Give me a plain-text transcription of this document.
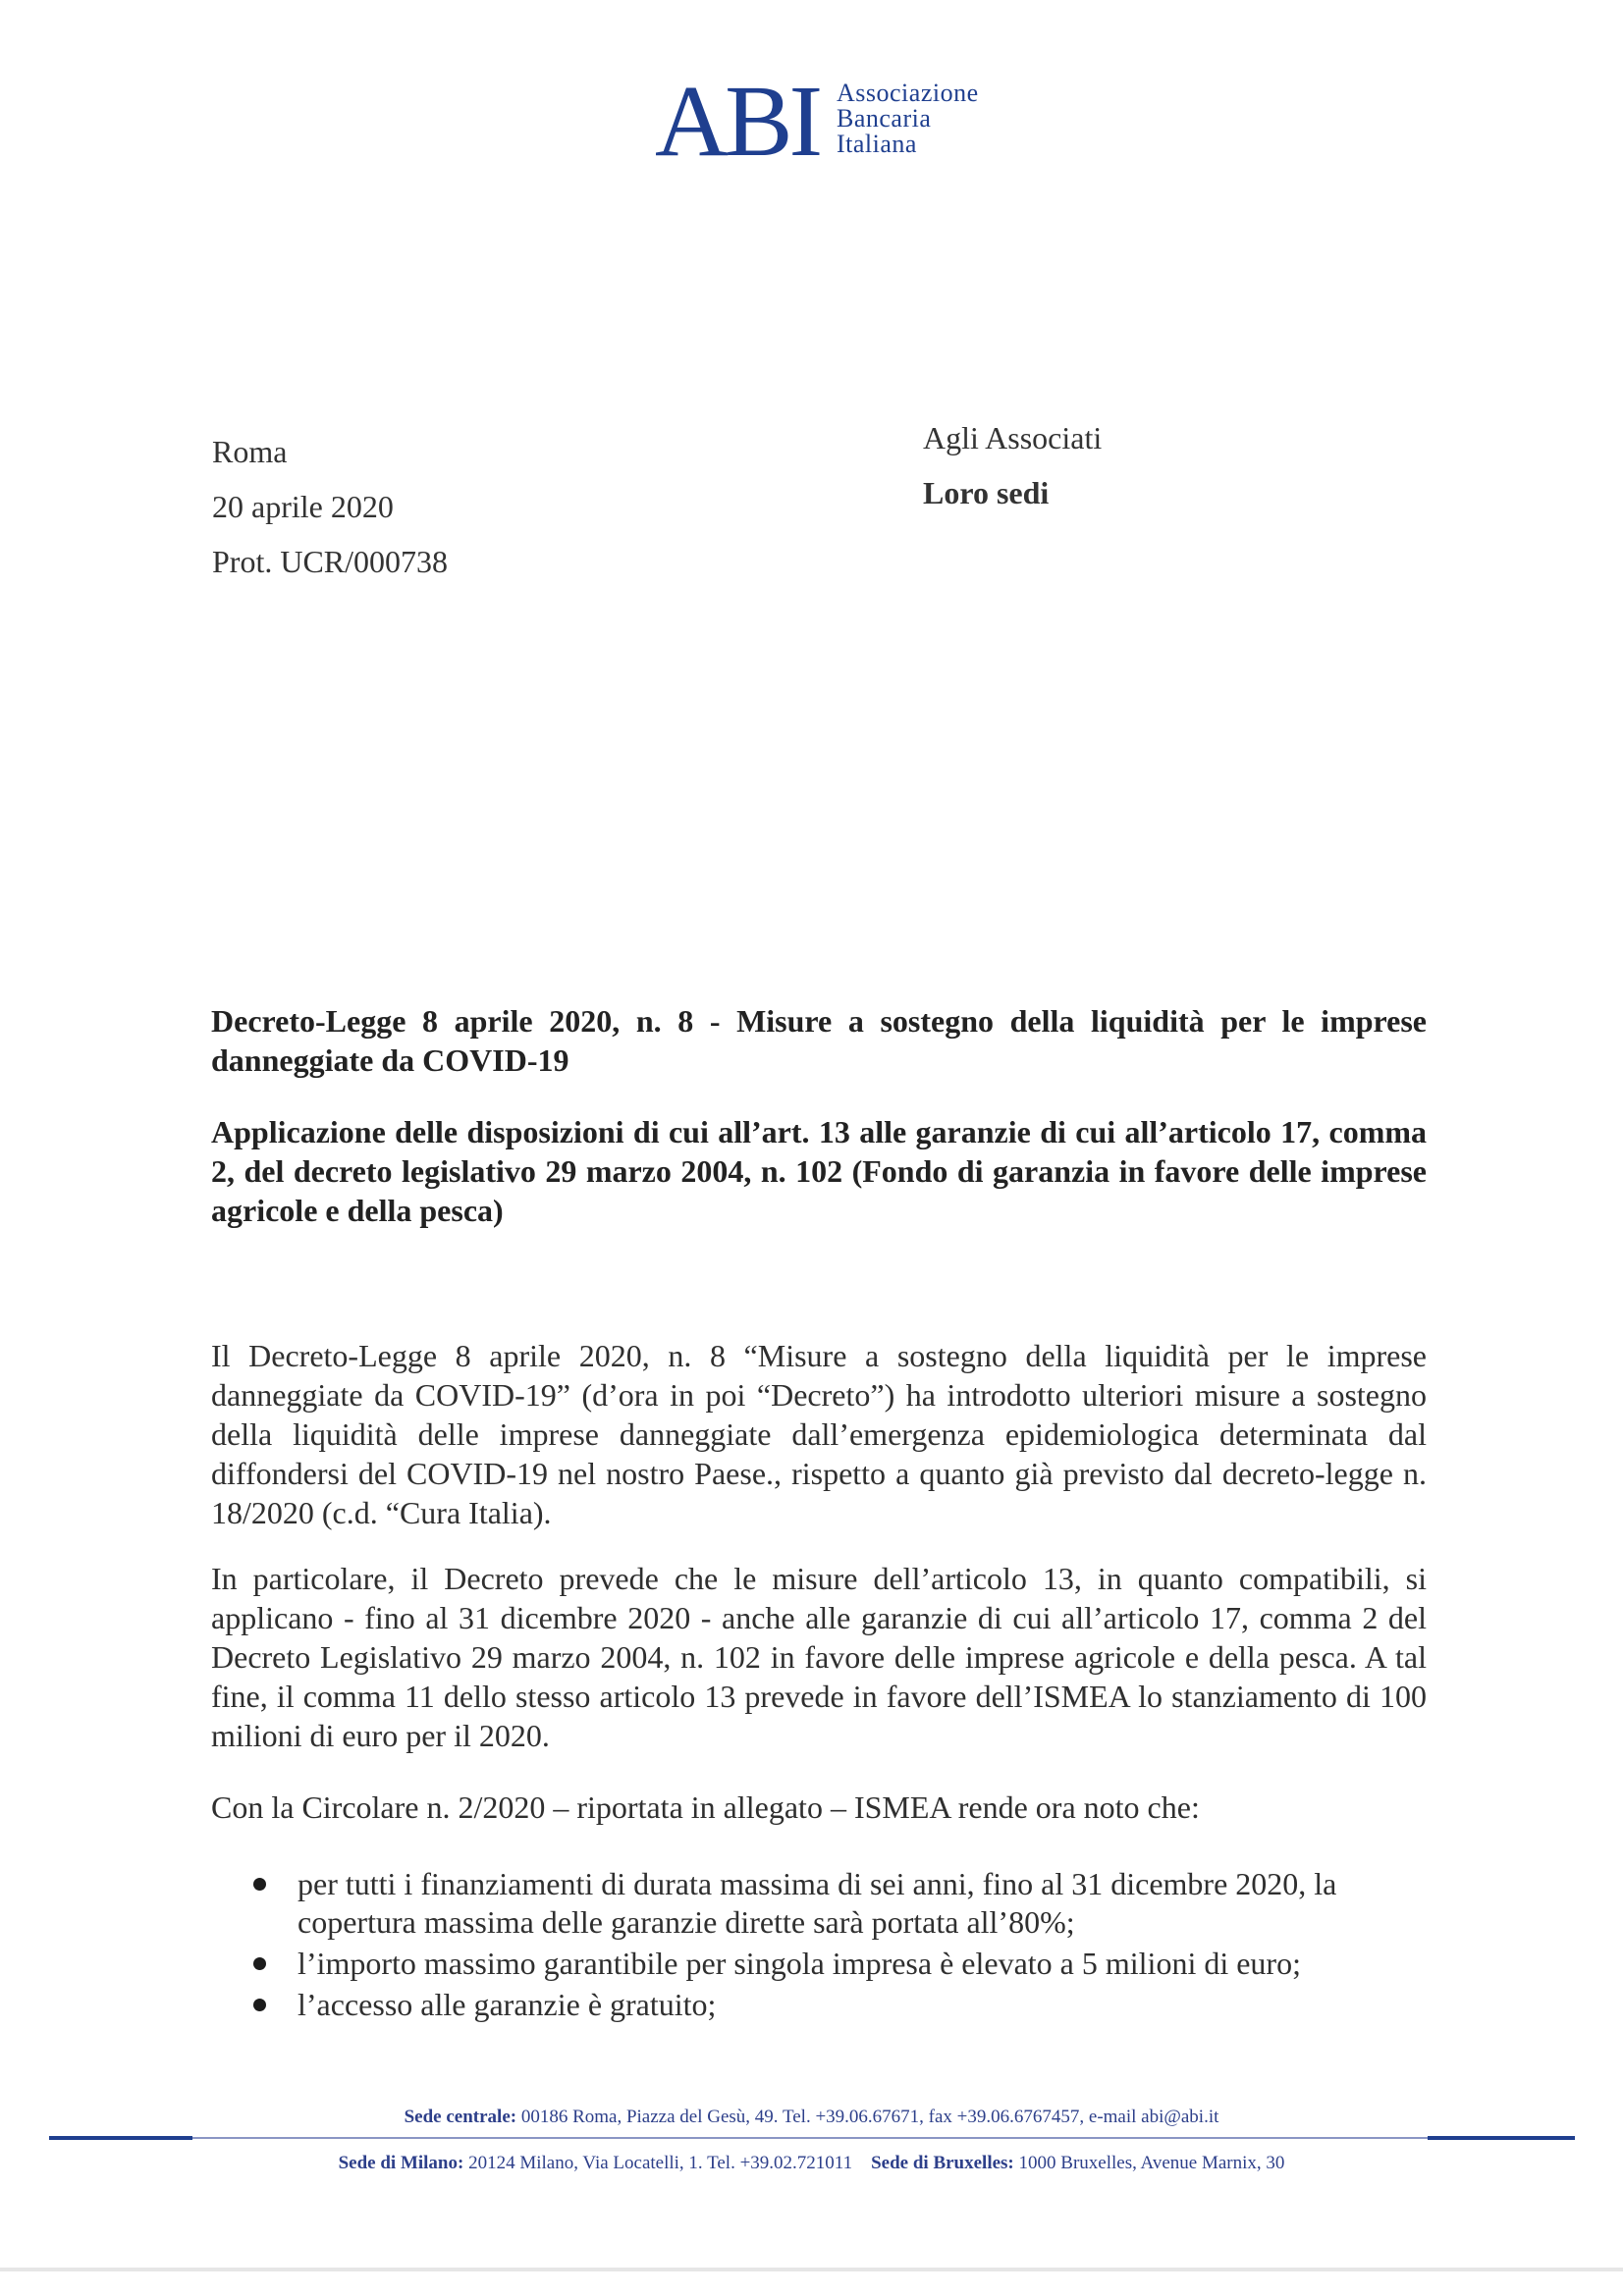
ABI Associazione
Bancaria
Italiana
Roma
20 aprile 2020
Prot. UCR/000738
Agli Associati
Loro sedi
Decreto-Legge 8 aprile 2020, n. 8 - Misure a sostegno della liquidità per le imprese danneggiate da COVID-19
Applicazione delle disposizioni di cui all’art. 13 alle garanzie di cui all’articolo 17, comma 2, del decreto legislativo 29 marzo 2004, n. 102 (Fondo di garanzia in favore delle imprese agricole e della pesca)
Il Decreto-Legge 8 aprile 2020, n. 8 “Misure a sostegno della liquidità per le imprese danneggiate da COVID-19” (d’ora in poi “Decreto”) ha introdotto ulteriori misure a sostegno della liquidità delle imprese danneggiate dall’emergenza epidemiologica determinata dal diffondersi del COVID-19 nel nostro Paese., rispetto a quanto già previsto dal decreto-legge n. 18/2020 (c.d. “Cura Italia).
In particolare, il Decreto prevede che le misure dell’articolo 13, in quanto compatibili, si applicano - fino al 31 dicembre 2020 - anche alle garanzie di cui all’articolo 17, comma 2 del Decreto Legislativo 29 marzo 2004, n. 102 in favore delle imprese agricole e della pesca. A tal fine, il comma 11 dello stesso articolo 13 prevede in favore dell’ISMEA lo stanziamento di 100 milioni di euro per il 2020.
Con la Circolare n. 2/2020 – riportata in allegato – ISMEA rende ora noto che:
per tutti i finanziamenti di durata massima di sei anni, fino al 31 dicembre 2020, la copertura massima delle garanzie dirette sarà portata all’80%;
l’importo massimo garantibile per singola impresa è elevato a 5 milioni di euro;
l’accesso alle garanzie è gratuito;
Sede centrale: 00186 Roma, Piazza del Gesù, 49. Tel. +39.06.67671, fax +39.06.6767457, e-mail abi@abi.it
Sede di Milano: 20124 Milano, Via Locatelli, 1. Tel. +39.02.721011 Sede di Bruxelles: 1000 Bruxelles, Avenue Marnix, 30
